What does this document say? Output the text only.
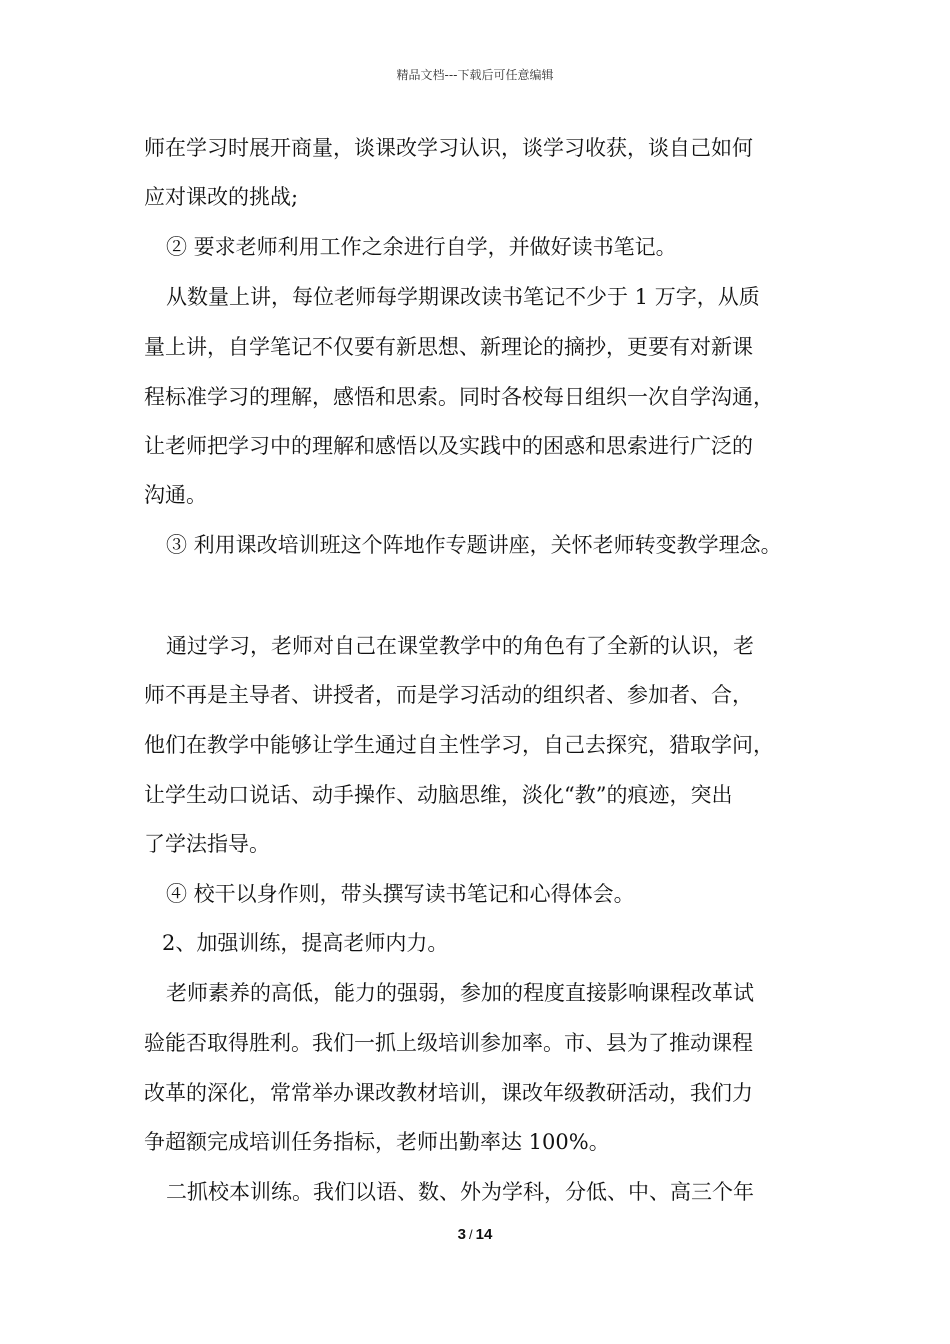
精品文档---下载后可任意编辑
师在学习时展开商量，谈课改学习认识，谈学习收获，谈自己如何
应对课改的挑战;
② 要求老师利用工作之余进行自学，并做好读书笔记。
从数量上讲，每位老师每学期课改读书笔记不少于 1 万字，从质
量上讲，自学笔记不仅要有新思想、新理论的摘抄，更要有对新课
程标准学习的理解，感悟和思索。同时各校每日组织一次自学沟通，
让老师把学习中的理解和感悟以及实践中的困惑和思索进行广泛的
沟通。
③ 利用课改培训班这个阵地作专题讲座，关怀老师转变教学理念。
通过学习，老师对自己在课堂教学中的角色有了全新的认识，老
师不再是主导者、讲授者，而是学习活动的组织者、参加者、合，
他们在教学中能够让学生通过自主性学习，自己去探究，猎取学问，
让学生动口说话、动手操作、动脑思维，淡化“教”的痕迹，突出
了学法指导。
④ 校干以身作则，带头撰写读书笔记和心得体会。
2、加强训练，提高老师内力。
老师素养的高低，能力的强弱，参加的程度直接影响课程改革试
验能否取得胜利。我们一抓上级培训参加率。市、县为了推动课程
改革的深化，常常举办课改教材培训，课改年级教研活动，我们力
争超额完成培训任务指标，老师出勤率达 100%。
二抓校本训练。我们以语、数、外为学科，分低、中、高三个年
3 / 14
